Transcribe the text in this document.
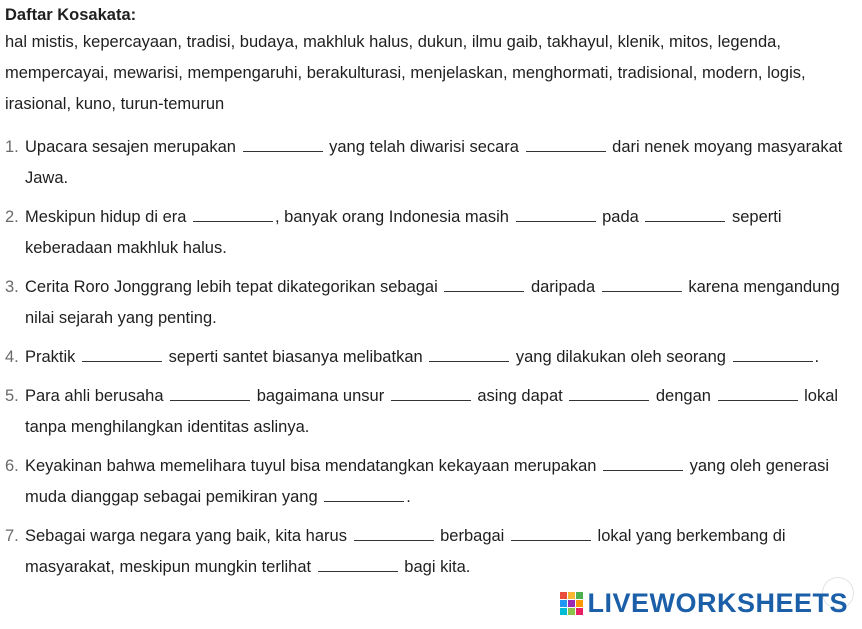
Daftar Kosakata:

hal mistis, kepercayaan, tradisi, budaya, makhluk halus, dukun, ilmu gaib, takhayul, klenik, mitos, legenda, mempercayai, mewarisi, mempengaruhi, berakulturasi, menjelaskan, menghormati, tradisional, modern, logis, irasional, kuno, turun-temurun

1. Upacara sesajen merupakan	yang telah diwarisi secara	dari nenek moyang masyarakat Jawa.
2. Meskipun hidup di era	, banyak orang Indonesia masih	pada	seperti keberadaan makhluk halus.
3. Cerita Roro Jonggrang lebih tepat dikategorikan sebagai	daripada	karena mengandung nilai sejarah yang penting.
4. Praktik	seperti santet biasanya melibatkan	yang dilakukan oleh seorang	.
5. Para ahli berusaha	bagaimana unsur	asing dapat	dengan	lokal tanpa menghilangkan identitas aslinya.
6. Keyakinan bahwa memelihara tuyul bisa mendatangkan kekayaan merupakan	yang oleh generasi muda dianggap sebagai pemikiran yang	.
7. Sebagai warga negara yang baik, kita harus	berbagai	lokal yang berkembang di masyarakat, meskipun mungkin terlihat	bagi kita.
LIVEWORKSHEETS
